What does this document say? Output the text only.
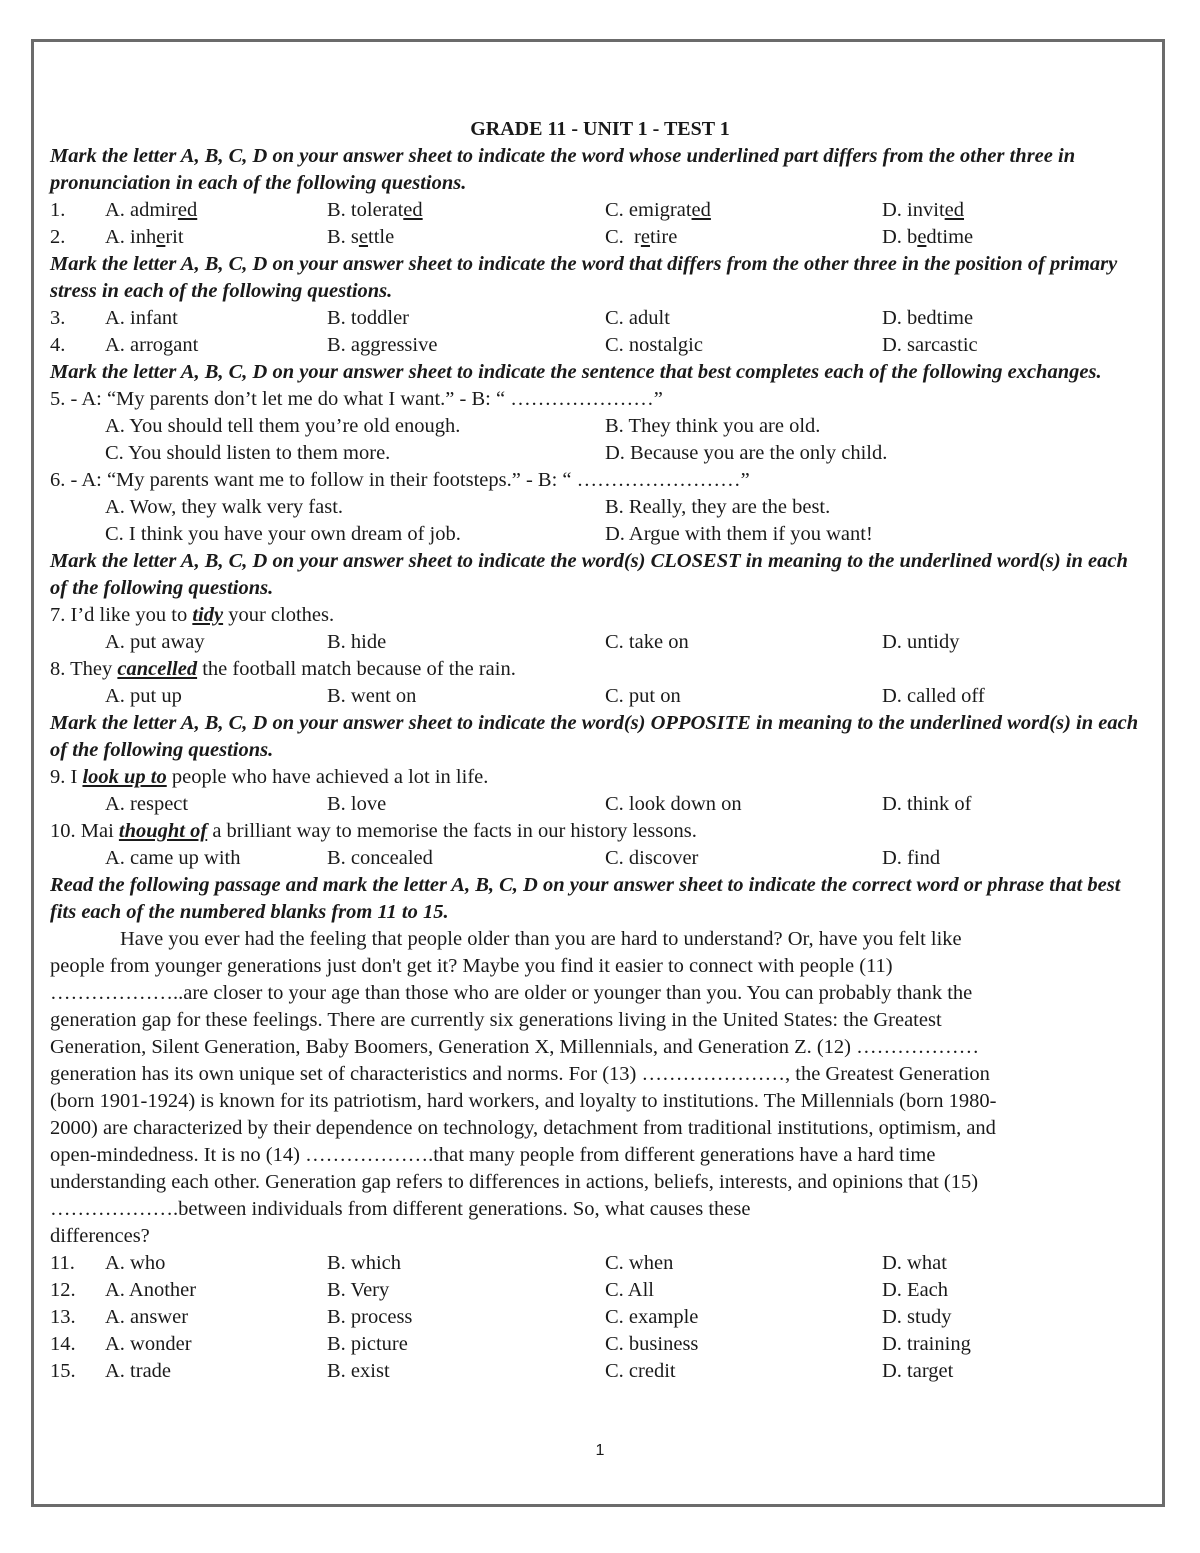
GRADE 11 - UNIT 1 - TEST 1
Mark the letter A, B, C, D on your answer sheet to indicate the word whose underlined part differs from the other three in pronunciation in each of the following questions.
1. A. admired	B. tolerated	C. emigrated	D. invited
2. A. inherit	B. settle	C.  retire	D. bedtime
Mark the letter A, B, C, D on your answer sheet to indicate the word that differs from the other three in the position of primary stress in each of the following questions.
3. A. infant	B. toddler	C. adult	D. bedtime
4. A. arrogant	B. aggressive	C. nostalgic	D. sarcastic
Mark the letter A, B, C, D on your answer sheet to indicate the sentence that best completes each of the following exchanges.
5. - A: “My parents don’t let me do what I want.” - B: “ …………………”
A. You should tell them you’re old enough.	B. They think you are old.
C. You should listen to them more.	D. Because you are the only child.
6. - A: “My parents want me to follow in their footsteps.” - B: “ ……………………”
A. Wow, they walk very fast.	B. Really, they are the best.
C. I think you have your own dream of job.	D. Argue with them if you want!
Mark the letter A, B, C, D on your answer sheet to indicate the word(s) CLOSEST in meaning to the underlined word(s) in each of the following questions.
7. I’d like you to tidy your clothes.
A. put away	B. hide	C. take on	D. untidy
8. They cancelled the football match because of the rain.
A. put up	B. went on	C. put on	D. called off
Mark the letter A, B, C, D on your answer sheet to indicate the word(s) OPPOSITE in meaning to the underlined word(s) in each of the following questions.
9. I look up to people who have achieved a lot in life.
A. respect	B. love	C. look down on	D. think of
10. Mai thought of a brilliant way to memorise the facts in our history lessons.
A. came up with	B. concealed	C. discover	D. find
Read the following passage and mark the letter A, B, C, D on your answer sheet to indicate the correct word or phrase that best fits each of the numbered blanks from 11 to 15.
Have you ever had the feeling that people older than you are hard to understand? Or, have you felt like
people from younger generations just don't get it? Maybe you find it easier to connect with people (11)
………………..are closer to your age than those who are older or younger than you. You can probably thank the
generation gap for these feelings. There are currently six generations living in the United States: the Greatest
Generation, Silent Generation, Baby Boomers, Generation X, Millennials, and Generation Z. (12) ………………
generation has its own unique set of characteristics and norms. For (13) …………………, the Greatest Generation
(born 1901-1924) is known for its patriotism, hard workers, and loyalty to institutions. The Millennials (born 1980-
2000) are characterized by their dependence on technology, detachment from traditional institutions, optimism, and
open-mindedness. It is no (14) ……………….that many people from different generations have a hard time
understanding each other. Generation gap refers to differences in actions, beliefs, interests, and opinions that (15)
……………….between individuals from different generations. So, what causes these
differences?
11. A. who	B. which	C. when	D. what
12. A. Another	B. Very	C. All	D. Each
13. A. answer	B. process	C. example	D. study
14. A. wonder	B. picture	C. business	D. training
15. A. trade	B. exist	C. credit	D. target
1
